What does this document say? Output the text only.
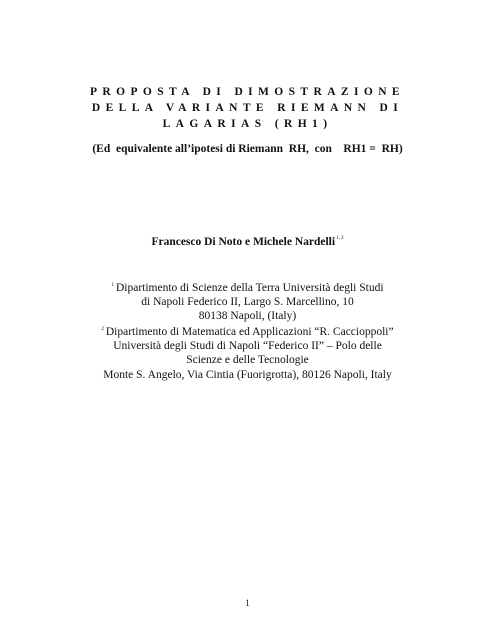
PROPOSTA DI DIMOSTRAZIONE
DELLA VARIANTE RIEMANN DI
LAGARIAS (RH1)
(Ed  equivalente all’ipotesi di Riemann  RH,  con    RH1 =  RH)
Francesco Di Noto e Michele Nardelli$^{1, 2}$
$^1$ Dipartimento di Scienze della Terra Università degli Studi
di Napoli Federico II, Largo S. Marcellino, 10
80138 Napoli, (Italy)
$^2$ Dipartimento di Matematica ed Applicazioni “R. Caccioppoli”
Università degli Studi di Napoli “Federico II” – Polo delle
Scienze e delle Tecnologie
Monte S. Angelo, Via Cintia (Fuorigrotta), 80126 Napoli, Italy
1
